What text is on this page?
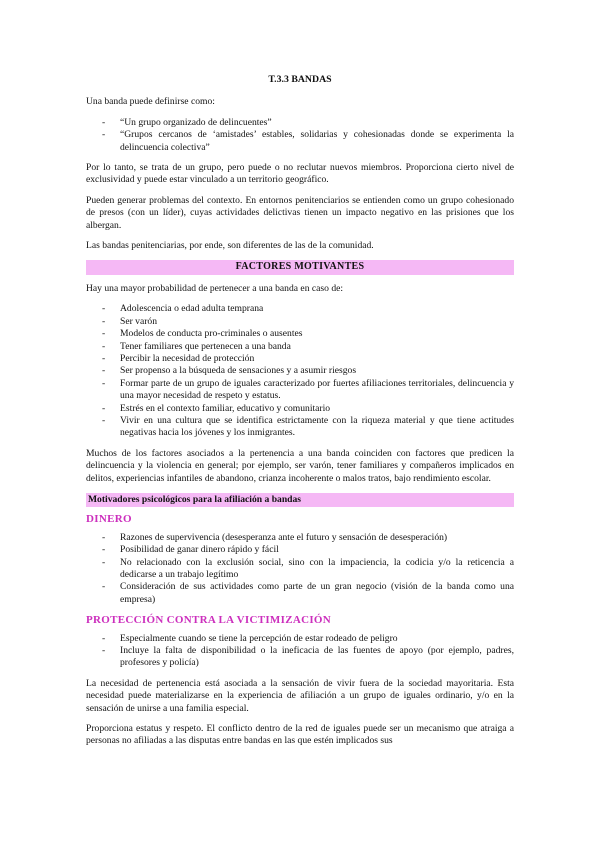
T.3.3 BANDAS

Una banda puede definirse como:

- “Un grupo organizado de delincuentes”
- “Grupos cercanos de ‘amistades’ estables, solidarias y cohesionadas donde se experimenta la delincuencia colectiva”

Por lo tanto, se trata de un grupo, pero puede o no reclutar nuevos miembros. Proporciona cierto nivel de exclusividad y puede estar vinculado a un territorio geográfico.

Pueden generar problemas del contexto. En entornos penitenciarios se entienden como un grupo cohesionado de presos (con un líder), cuyas actividades delictivas tienen un impacto negativo en las prisiones que los albergan.

Las bandas penitenciarias, por ende, son diferentes de las de la comunidad.

FACTORES MOTIVANTES

Hay una mayor probabilidad de pertenecer a una banda en caso de:

- Adolescencia o edad adulta temprana
- Ser varón
- Modelos de conducta pro-criminales o ausentes
- Tener familiares que pertenecen a una banda
- Percibir la necesidad de protección
- Ser propenso a la búsqueda de sensaciones y a asumir riesgos
- Formar parte de un grupo de iguales caracterizado por fuertes afiliaciones territoriales, delincuencia y una mayor necesidad de respeto y estatus.
- Estrés en el contexto familiar, educativo y comunitario
- Vivir en una cultura que se identifica estrictamente con la riqueza material y que tiene actitudes negativas hacia los jóvenes y los inmigrantes.

Muchos de los factores asociados a la pertenencia a una banda coinciden con factores que predicen la delincuencia y la violencia en general; por ejemplo, ser varón, tener familiares y compañeros implicados en delitos, experiencias infantiles de abandono, crianza incoherente o malos tratos, bajo rendimiento escolar.

Motivadores psicológicos para la afiliación a bandas
DINERO
- Razones de supervivencia (desesperanza ante el futuro y sensación de desesperación)
- Posibilidad de ganar dinero rápido y fácil
- No relacionado con la exclusión social, sino con la impaciencia, la codicia y/o la reticencia a dedicarse a un trabajo legítimo
- Consideración de sus actividades como parte de un gran negocio (visión de la banda como una empresa)
PROTECCIÓN CONTRA LA VICTIMIZACIÓN
- Especialmente cuando se tiene la percepción de estar rodeado de peligro
- Incluye la falta de disponibilidad o la ineficacia de las fuentes de apoyo (por ejemplo, padres, profesores y policía)

La necesidad de pertenencia está asociada a la sensación de vivir fuera de la sociedad mayoritaria. Esta necesidad puede materializarse en la experiencia de afiliación a un grupo de iguales ordinario, y/o en la sensación de unirse a una familia especial.

Proporciona estatus y respeto. El conflicto dentro de la red de iguales puede ser un mecanismo que atraiga a personas no afiliadas a las disputas entre bandas en las que estén implicados sus
